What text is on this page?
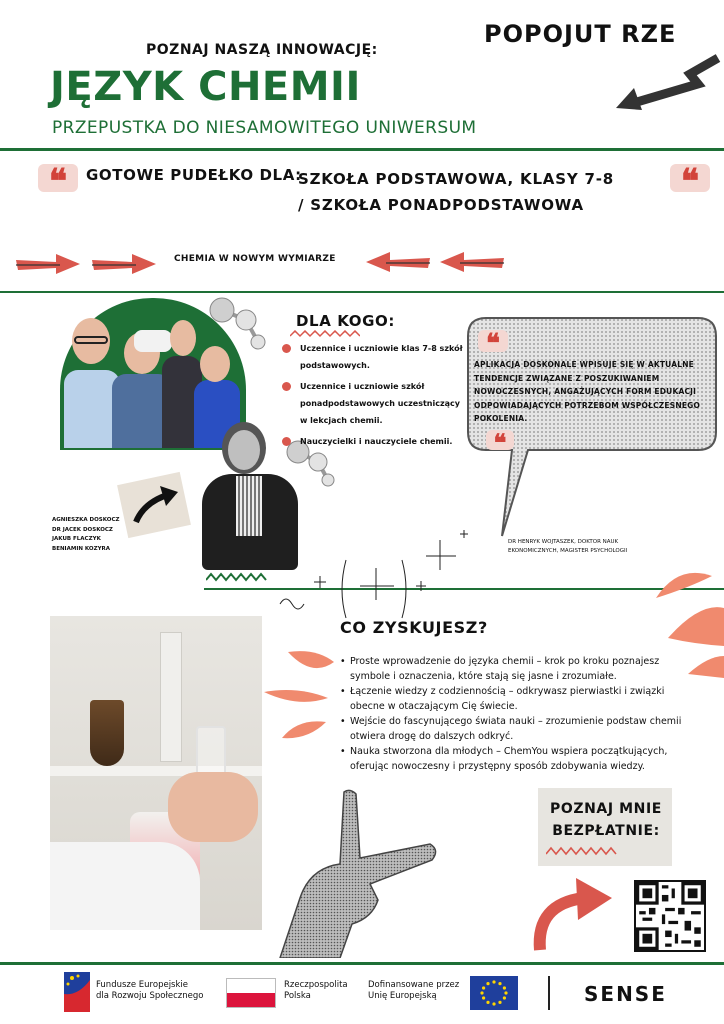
POPOJUТ RZE
POZNAJ NASZĄ INNOWACJĘ:
JĘZYK CHEMII
PRZEPUSTKA DO NIESAMOWITEGO UNIWERSUM
❝	❝
GOTOWE PUDEŁKO DLA:
SZKOŁA PODSTAWOWA, KLASY 7-8
/ SZKOŁA PONADPODSTAWOWA
CHEMIA W NOWYM WYMIARZE
DLA KOGO:
Uczennice i uczniowie klas 7-8 szkół podstawowych.
Uczennice i uczniowie szkół ponadpodstawowych uczestniczący w lekcjach chemii.
Nauczycielki i nauczyciele chemii.
❝
APLIKACJA DOSKONALE WPISUJE SIĘ W AKTUALNE TENDENCJE ZWIĄZANE Z POSZUKIWANIEM NOWOCZESNYCH, ANGAŻUJĄCYCH FORM EDUKACJI ODPOWIADAJĄCYCH POTRZEBOM WSPÓŁCZESNEGO POKOLENIA.
❝
AGNIESZKA DOSKOCZ
DR JACEK DOSKOCZ
JAKUB FLACZYK
BENIAMIN KOZYRA
DR HENRYK WOJTASZEK, DOKTOR NAUK EKONOMICZNYCH, MAGISTER PSYCHOLOGII
CO ZYSKUJESZ?
• Proste wprowadzenie do języka chemii – krok po kroku poznajesz symbole i oznaczenia, które stają się jasne i zrozumiałe.
• Łączenie wiedzy z codziennością – odkrywasz pierwiastki i związki obecne w otaczającym Cię świecie.
• Wejście do fascynującego świata nauki – zrozumienie podstaw chemii otwiera drogę do dalszych odkryć.
• Nauka stworzona dla młodych – ChemYou wspiera początkujących, oferując nowoczesny i przystępny sposób zdobywania wiedzy.
POZNAJ MNIE
BEZPŁATNIE:
Fundusze Europejskie
dla Rozwoju Społecznego
Rzeczpospolita
Polska
Dofinansowane przez
Unię Europejską	SENSE
